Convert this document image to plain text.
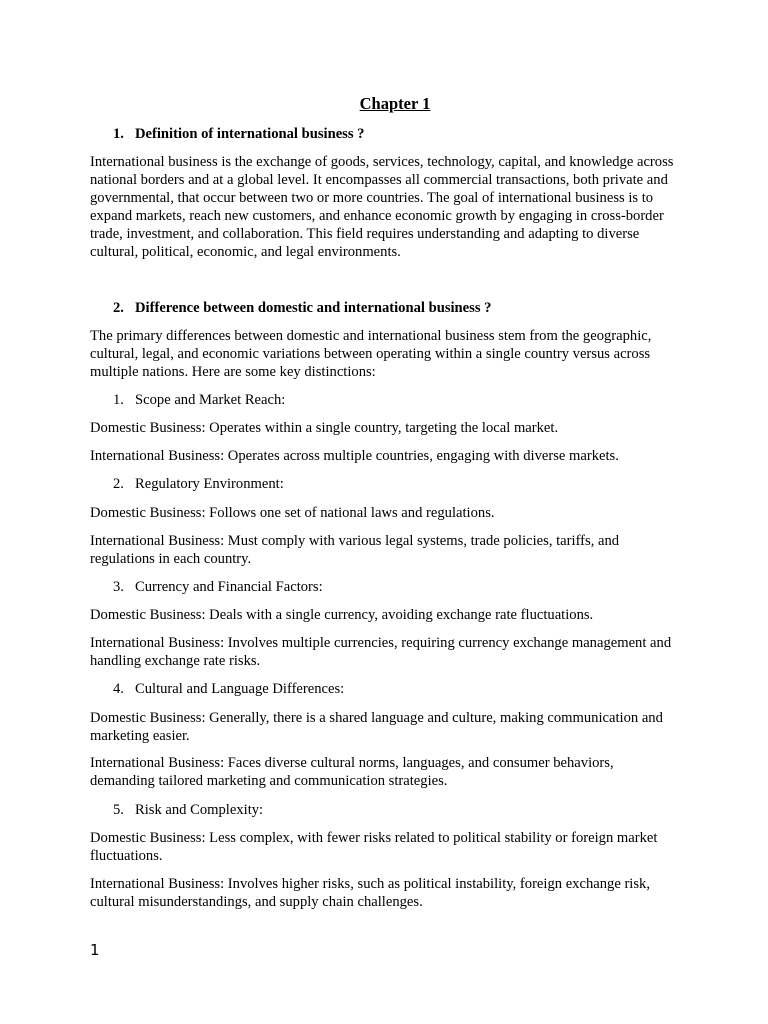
Chapter 1
1. Definition of international business ?
International business is the exchange of goods, services, technology, capital, and knowledge across national borders and at a global level. It encompasses all commercial transactions, both private and governmental, that occur between two or more countries. The goal of international business is to expand markets, reach new customers, and enhance economic growth by engaging in cross-border trade, investment, and collaboration. This field requires understanding and adapting to diverse cultural, political, economic, and legal environments.
2. Difference between domestic and international business ?
The primary differences between domestic and international business stem from the geographic, cultural, legal, and economic variations between operating within a single country versus across multiple nations. Here are some key distinctions:
1. Scope and Market Reach:
Domestic Business: Operates within a single country, targeting the local market.
International Business: Operates across multiple countries, engaging with diverse markets.
2. Regulatory Environment:
Domestic Business: Follows one set of national laws and regulations.
International Business: Must comply with various legal systems, trade policies, tariffs, and regulations in each country.
3. Currency and Financial Factors:
Domestic Business: Deals with a single currency, avoiding exchange rate fluctuations.
International Business: Involves multiple currencies, requiring currency exchange management and handling exchange rate risks.
4. Cultural and Language Differences:
Domestic Business: Generally, there is a shared language and culture, making communication and marketing easier.
International Business: Faces diverse cultural norms, languages, and consumer behaviors, demanding tailored marketing and communication strategies.
5. Risk and Complexity:
Domestic Business: Less complex, with fewer risks related to political stability or foreign market fluctuations.
International Business: Involves higher risks, such as political instability, foreign exchange risk, cultural misunderstandings, and supply chain challenges.
1
